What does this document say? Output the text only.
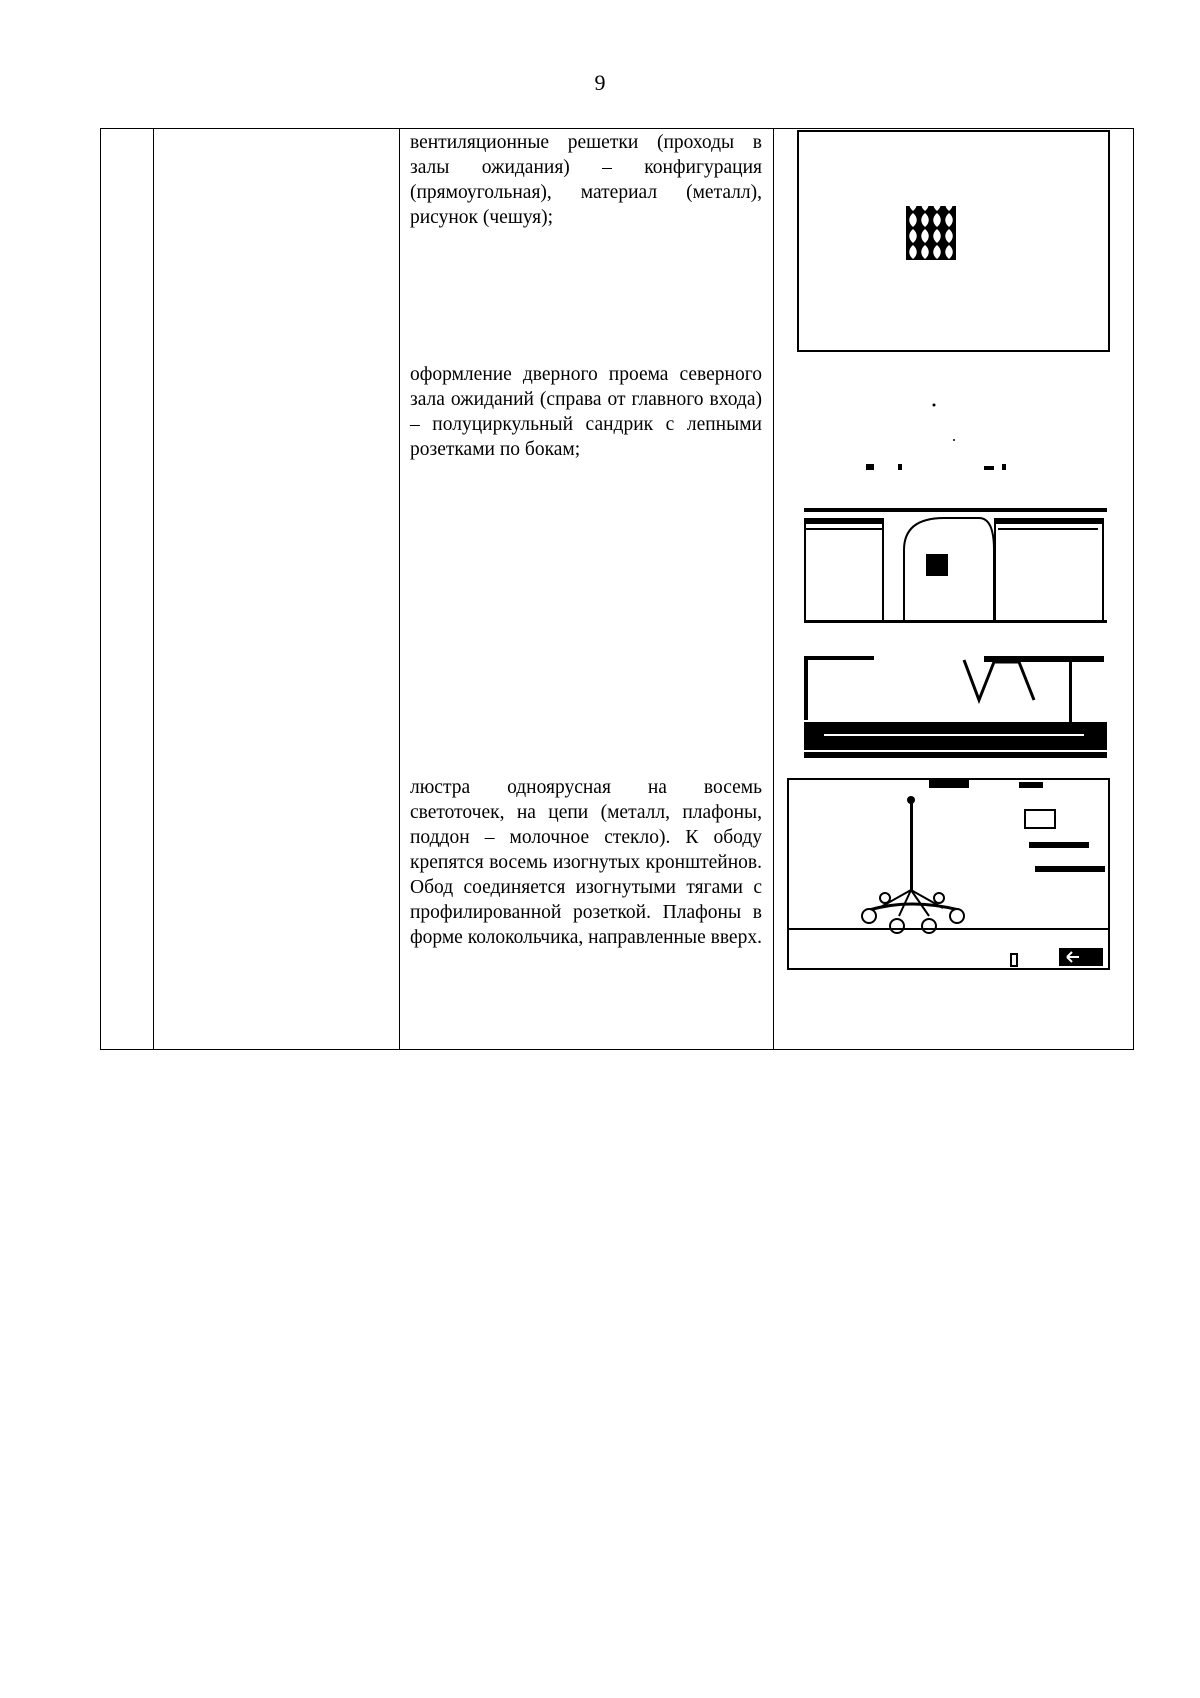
9
вентиляционные решетки (проходы в залы ожидания) – конфигурация (прямоугольная), материал (металл), рисунок (чешуя);
оформление дверного проема северного зала ожиданий (справа от главного входа) – полуциркульный сандрик с лепными розетками по бокам;
люстра одноярусная на восемь светоточек, на цепи (металл, плафоны, поддон – молочное стекло). К ободу крепятся восемь изогнутых кронштейнов. Обод соединяется изогнутыми тягами с профилированной розеткой. Плафоны в форме колокольчика, направленные вверх.
